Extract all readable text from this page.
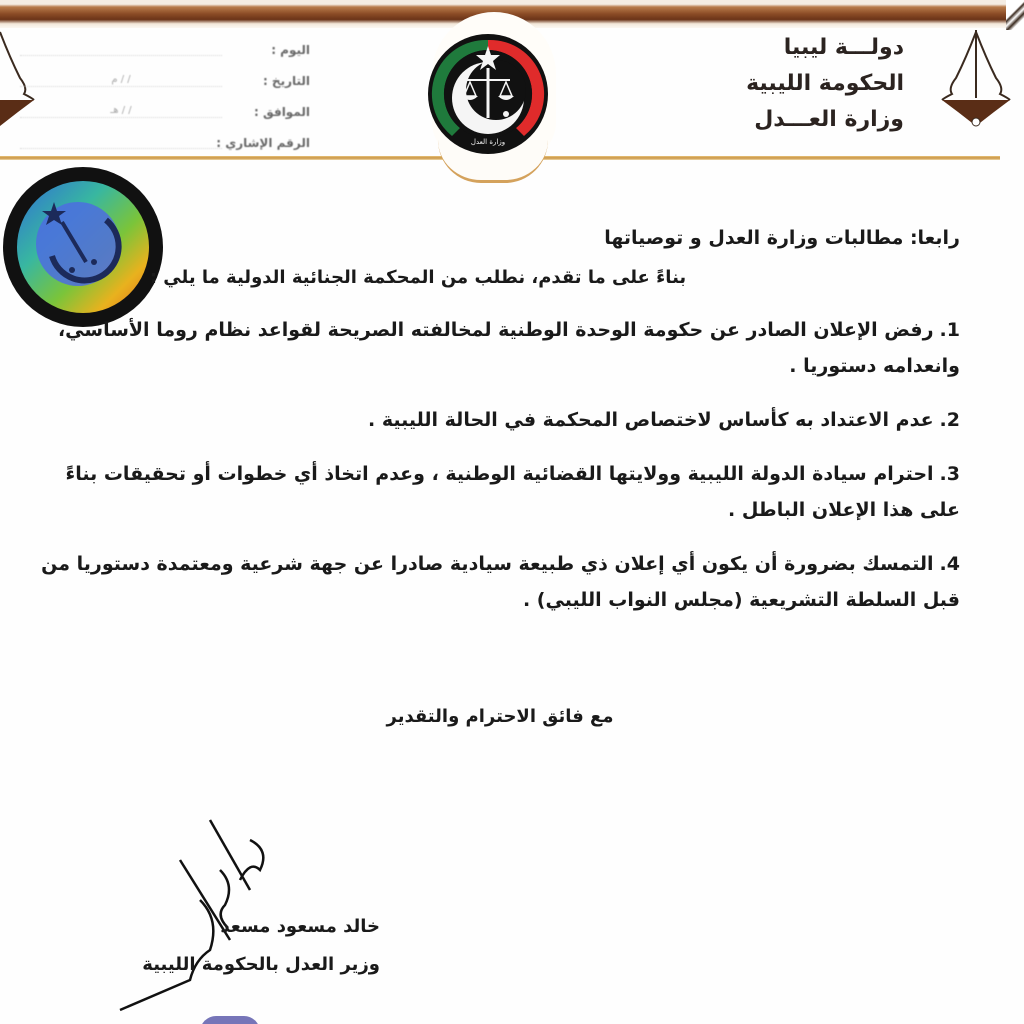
وزارة العدل
دولـــة ليبيا
الحكومة الليبية
وزارة العـــدل
اليوم :
التاريخ :
/ / م
الموافق :
/ / هـ
الرقم الإشاري :

رابعا: مطالبات وزارة العدل و توصياتها

بناءً على ما تقدم، نطلب من المحكمة الجنائية الدولية ما يلي :

1.رفض الإعلان الصادر عن حكومة الوحدة الوطنية لمخالفته الصريحة لقواعد نظام روما الأساسي، وانعدامه دستوريا .

2.عدم الاعتداد به كأساس لاختصاص المحكمة في الحالة الليبية .

3.احترام سيادة الدولة الليبية وولايتها القضائية الوطنية ، وعدم اتخاذ أي خطوات أو تحقيقات بناءً على هذا الإعلان الباطل .

4.التمسك بضرورة أن يكون أي إعلان ذي طبيعة سيادية صادرا عن جهة شرعية ومعتمدة دستوريا من قبل السلطة التشريعية (مجلس النواب الليبي) .

مع فائق الاحترام والتقدير
خالد مسعود مسعد
وزير العدل بالحكومة الليبية
